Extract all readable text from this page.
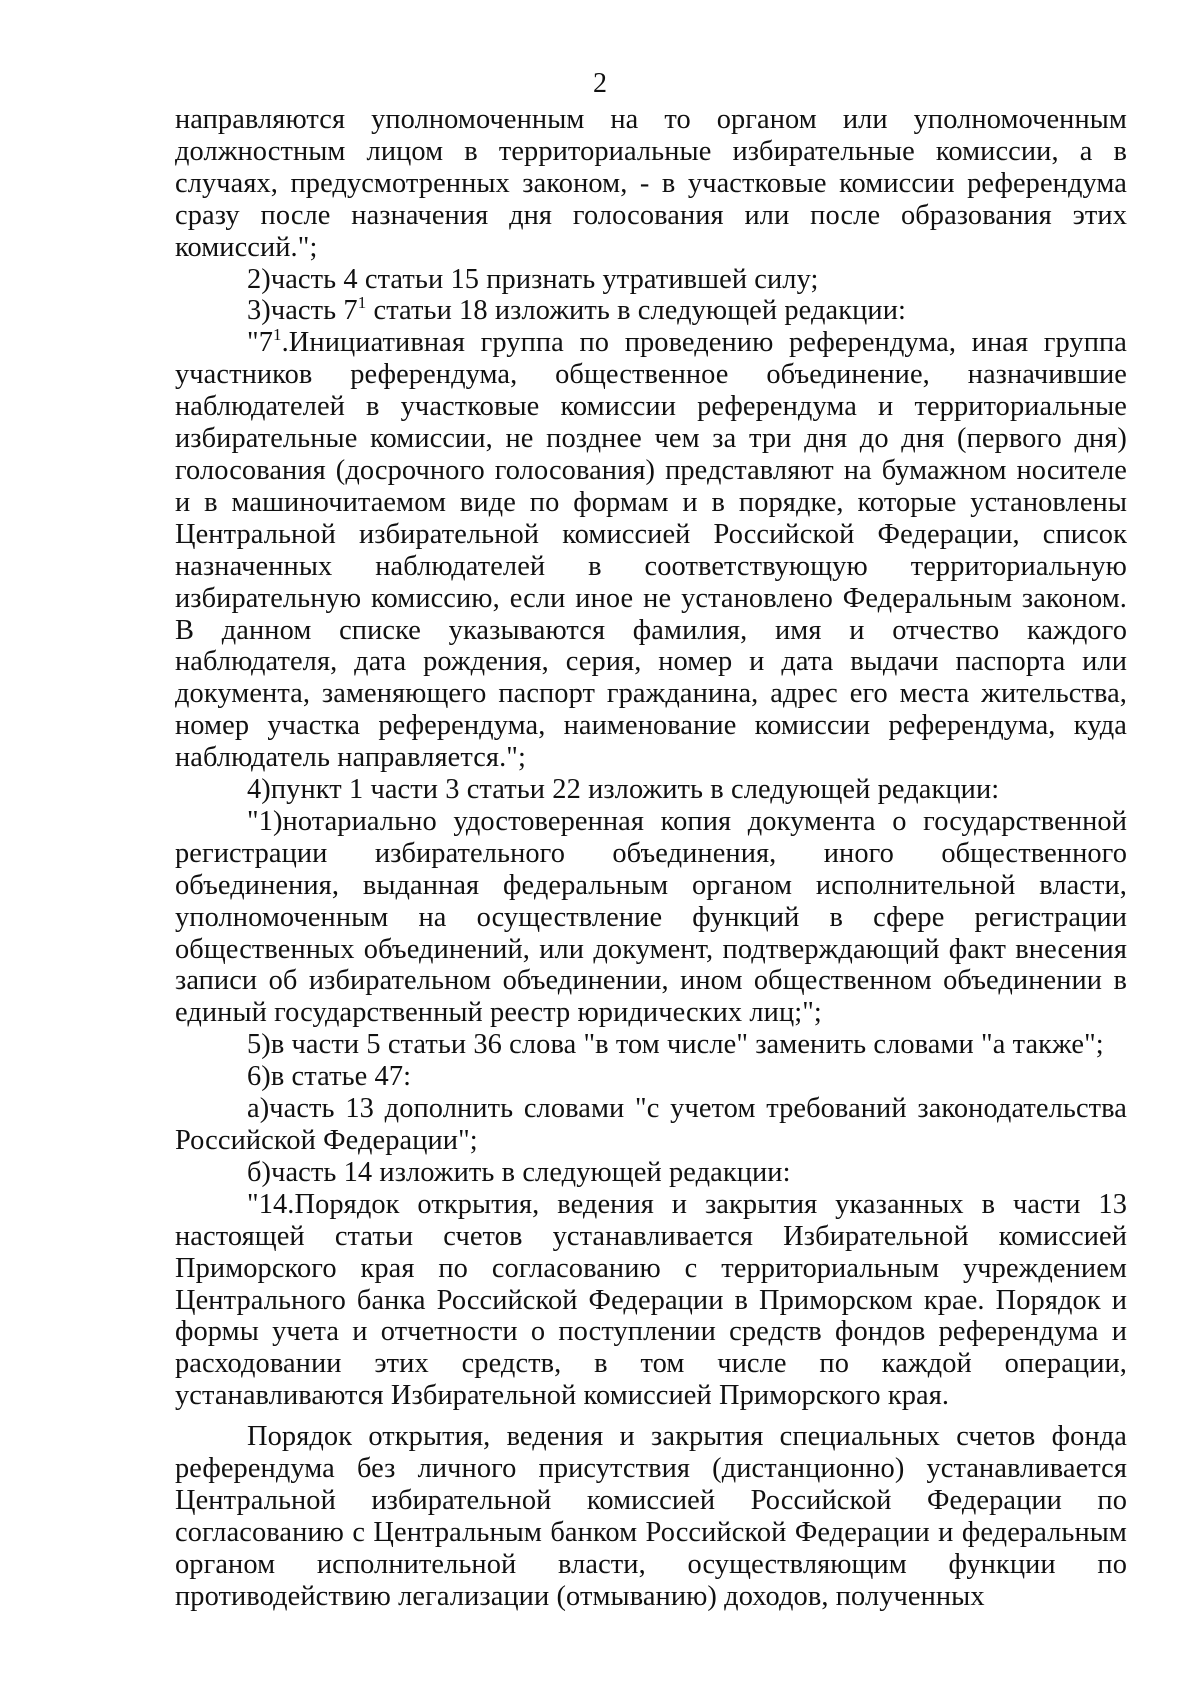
2

направляются уполномоченным на то органом или уполномоченным должностным лицом в территориальные избирательные комиссии, а в случаях, предусмотренных законом, - в участковые комиссии референдума сразу после назначения дня голосования или после образования этих комиссий.";

2)часть 4 статьи 15 признать утратившей силу;

3)часть $7^1$ статьи 18 изложить в следующей редакции:

"$7^1.Инициативная$ группа по проведению референдума, иная группа участников референдума, общественное объединение, назначившие наблюдателей в участковые комиссии референдума и территориальные избирательные комиссии, не позднее чем за три дня до дня (первого дня) голосования (досрочного голосования) представляют на бумажном носителе и в машиночитаемом виде по формам и в порядке, которые установлены Центральной избирательной комиссией Российской Федерации, список назначенных наблюдателей в соответствующую территориальную избирательную комиссию, если иное не установлено Федеральным законом. В данном списке указываются фамилия, имя и отчество каждого наблюдателя, дата рождения, серия, номер и дата выдачи паспорта или документа, заменяющего паспорт гражданина, адрес его места жительства, номер участка референдума, наименование комиссии референдума, куда наблюдатель направляется.";

4)пункт 1 части 3 статьи 22 изложить в следующей редакции:

"1)нотариально удостоверенная копия документа о государственной регистрации избирательного объединения, иного общественного объединения, выданная федеральным органом исполнительной власти, уполномоченным на осуществление функций в сфере регистрации общественных объединений, или документ, подтверждающий факт внесения записи об избирательном объединении, ином общественном объединении в единый государственный реестр юридических лиц;";

5)в части 5 статьи 36 слова "в том числе" заменить словами "а также";

6)в статье 47:

а)часть 13 дополнить словами "с учетом требований законодательства Российской Федерации";

б)часть 14 изложить в следующей редакции:

"14.Порядок открытия, ведения и закрытия указанных в части 13 настоящей статьи счетов устанавливается Избирательной комиссией Приморского края по согласованию с территориальным учреждением Центрального банка Российской Федерации в Приморском крае. Порядок и формы учета и отчетности о поступлении средств фондов референдума и расходовании этих средств, в том числе по каждой операции, устанавливаются Избирательной комиссией Приморского края.

Порядок открытия, ведения и закрытия специальных счетов фонда референдума без личного присутствия (дистанционно) устанавливается Центральной избирательной комиссией Российской Федерации по согласованию с Центральным банком Российской Федерации и федеральным органом исполнительной власти, осуществляющим функции по противодействию легализации (отмыванию) доходов, полученных
